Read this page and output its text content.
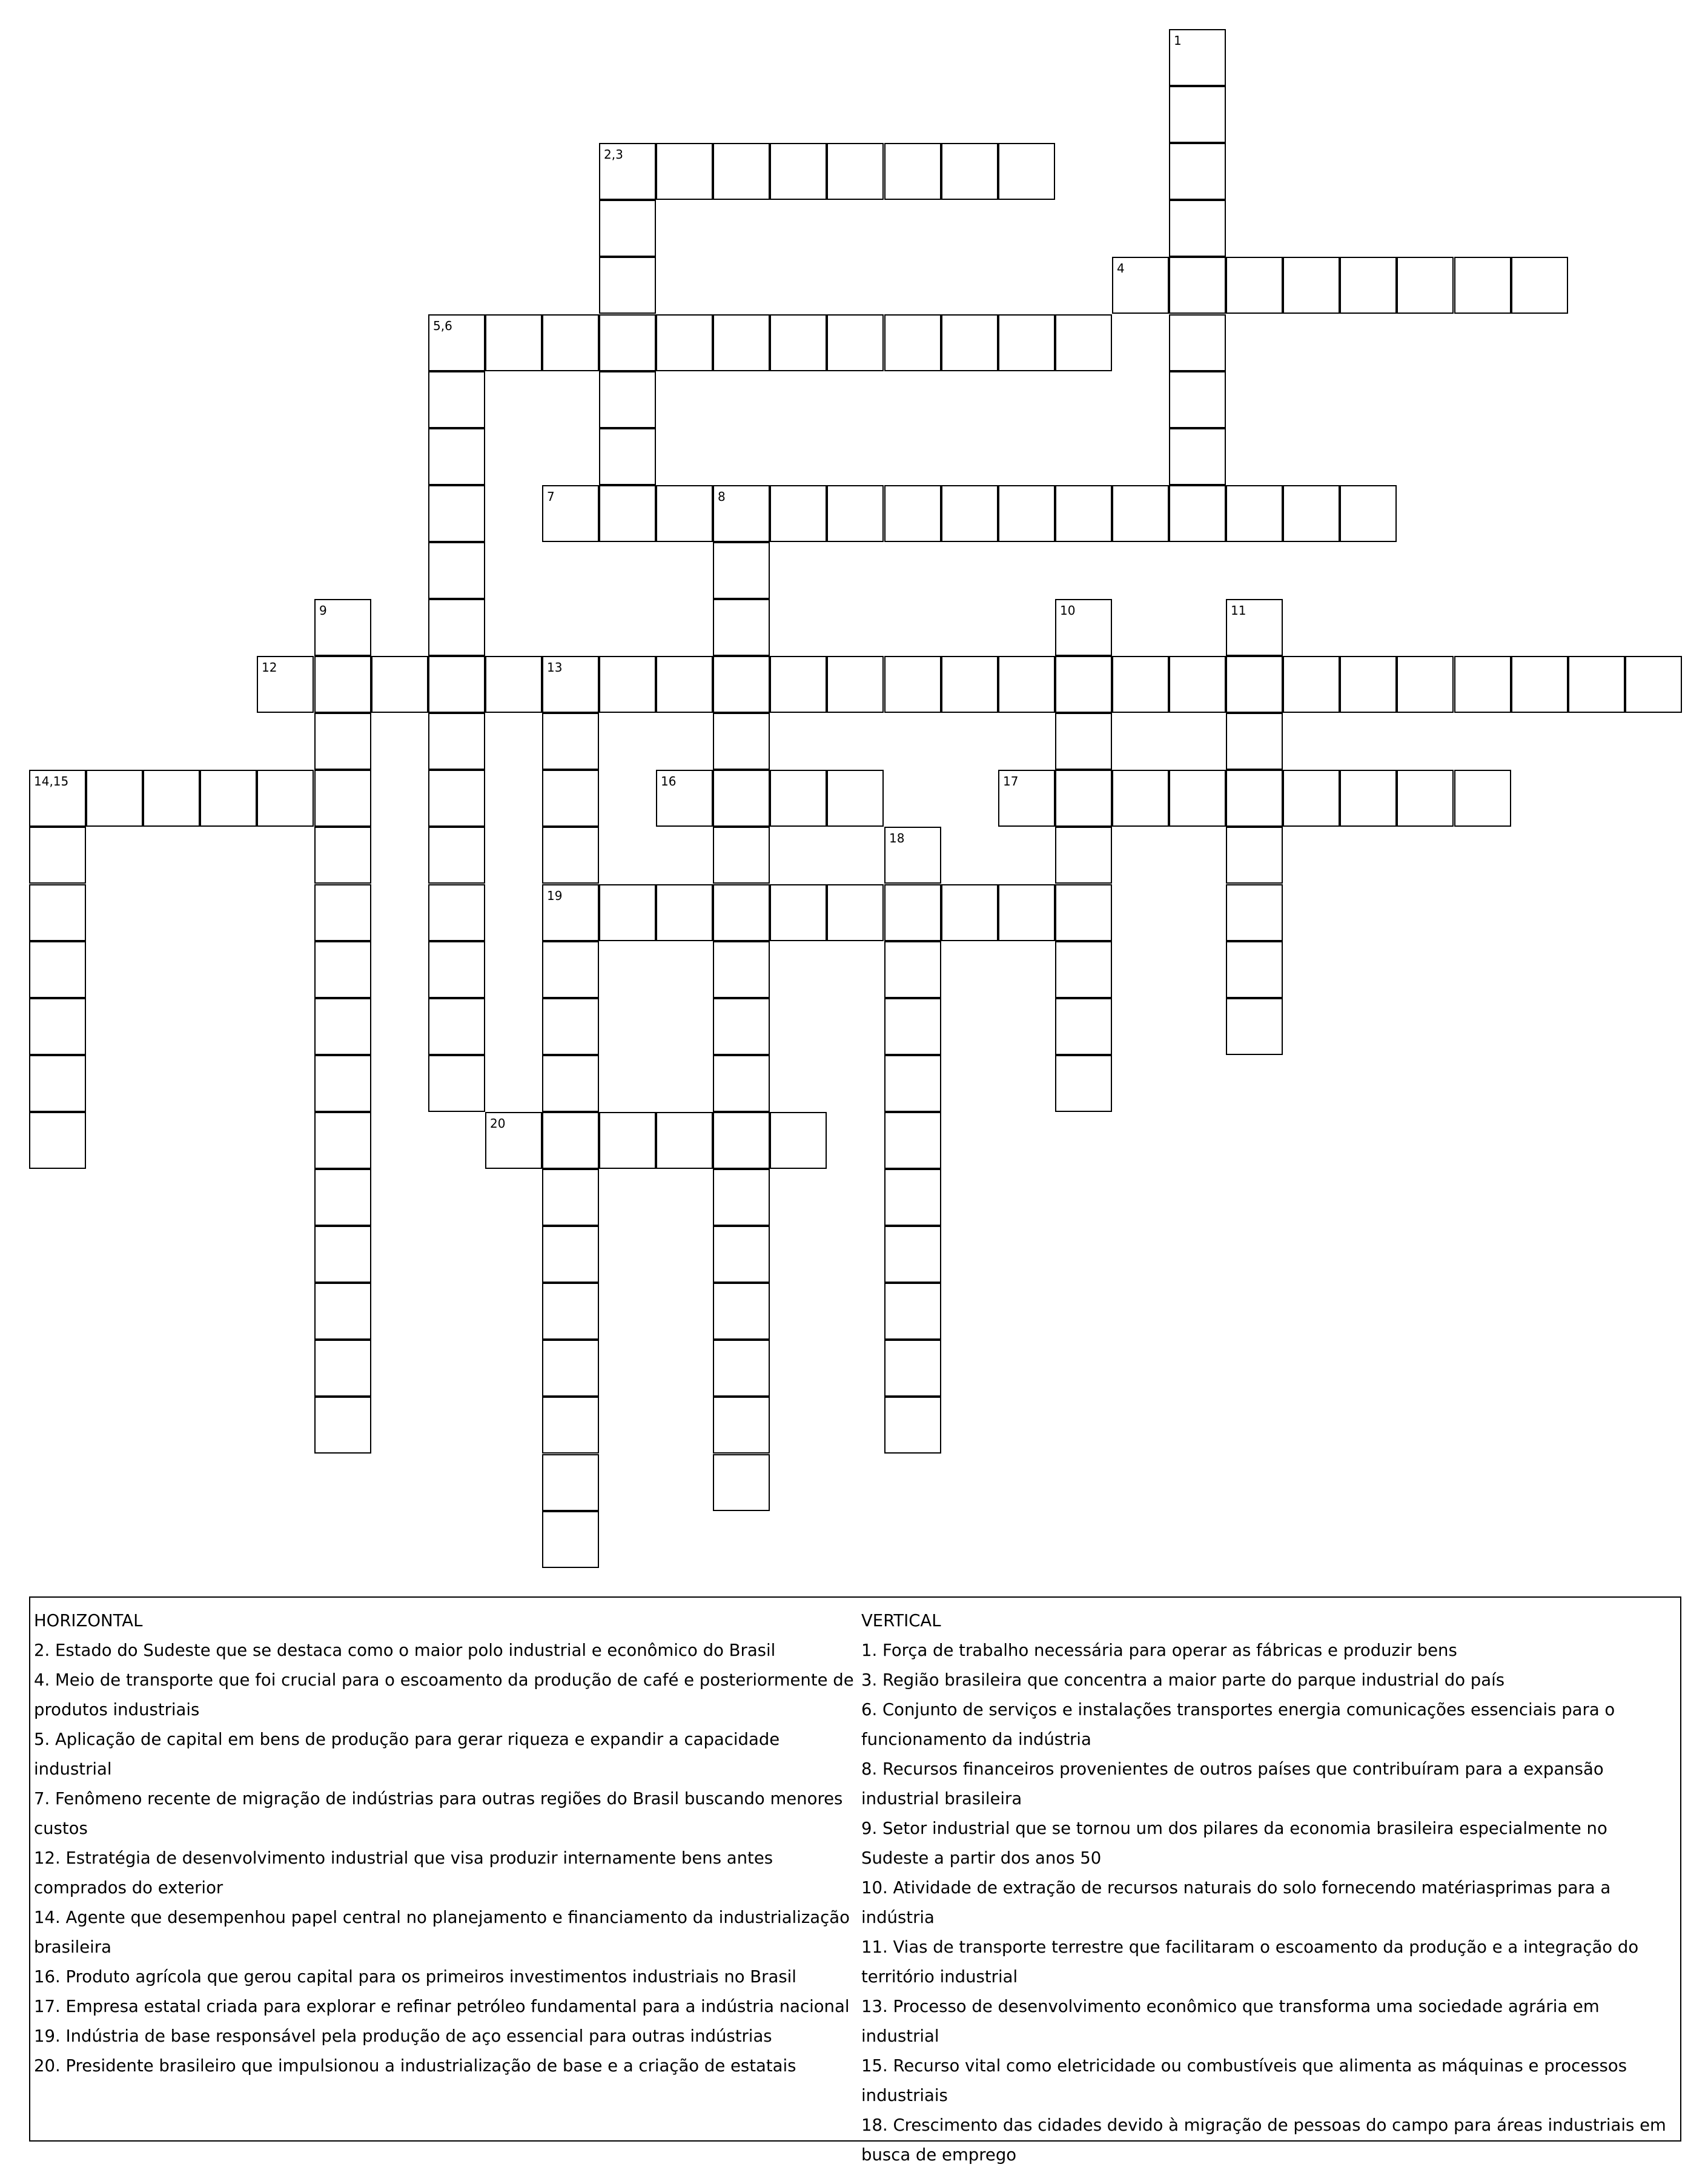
1
2,3
4
5,6
7	8
9	10	11
12	13
19
14,15	16	17
18
20
HORIZONTAL
2. Estado do Sudeste que se destaca como o maior polo industrial e econômico do Brasil
4. Meio de transporte que foi crucial para o escoamento da produção de café e posteriormente de produtos industriais
5. Aplicação de capital em bens de produção para gerar riqueza e expandir a capacidade industrial
7. Fenômeno recente de migração de indústrias para outras regiões do Brasil buscando menores custos
12. Estratégia de desenvolvimento industrial que visa produzir internamente bens antes comprados do exterior
14. Agente que desempenhou papel central no planejamento e financiamento da industrialização brasileira
16. Produto agrícola que gerou capital para os primeiros investimentos industriais no Brasil
17. Empresa estatal criada para explorar e refinar petróleo fundamental para a indústria nacional
19. Indústria de base responsável pela produção de aço essencial para outras indústrias
20. Presidente brasileiro que impulsionou a industrialização de base e a criação de estatais
VERTICAL
1. Força de trabalho necessária para operar as fábricas e produzir bens
3. Região brasileira que concentra a maior parte do parque industrial do país
6. Conjunto de serviços e instalações transportes energia comunicações essenciais para o funcionamento da indústria
8. Recursos financeiros provenientes de outros países que contribuíram para a expansão industrial brasileira
9. Setor industrial que se tornou um dos pilares da economia brasileira especialmente no Sudeste a partir dos anos 50
10. Atividade de extração de recursos naturais do solo fornecendo matériasprimas para a indústria
11. Vias de transporte terrestre que facilitaram o escoamento da produção e a integração do território industrial
13. Processo de desenvolvimento econômico que transforma uma sociedade agrária em industrial
15. Recurso vital como eletricidade ou combustíveis que alimenta as máquinas e processos industriais
18. Crescimento das cidades devido à migração de pessoas do campo para áreas industriais em busca de emprego
